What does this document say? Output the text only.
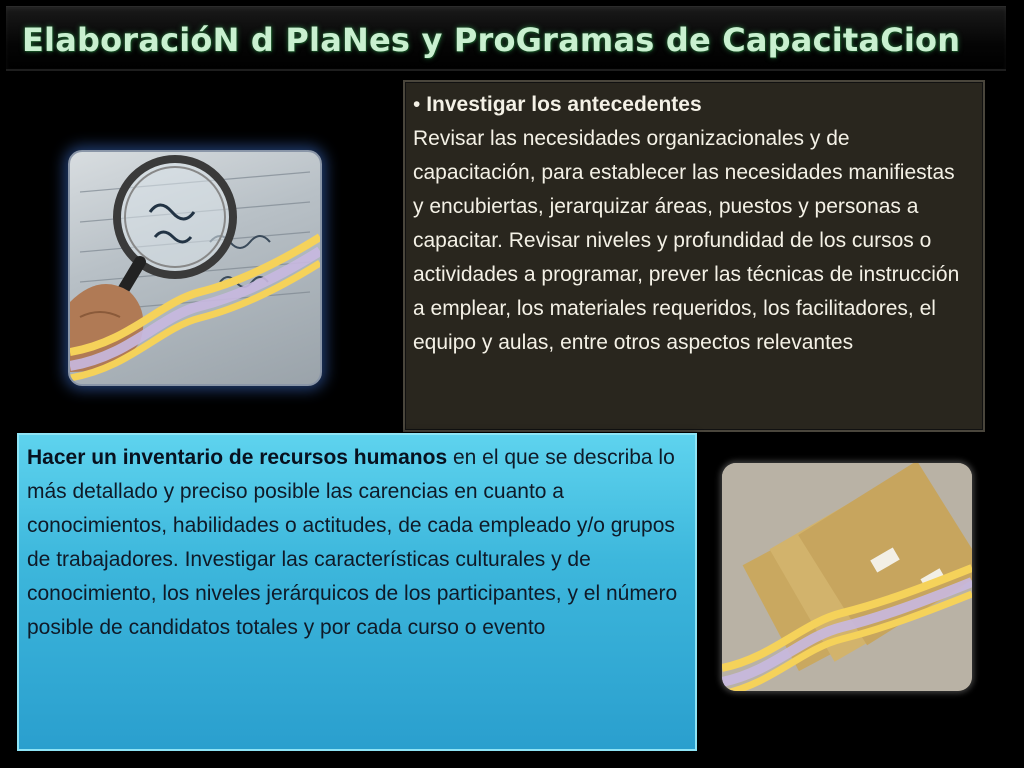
ElaboracióN d PlaNes y ProGramas de CapacitaCion

• Investigar los antecedentes

Revisar las necesidades organizacionales y de capacitación, para establecer las necesidades manifiestas y encubiertas, jerarquizar áreas, puestos y personas a capacitar. Revisar niveles y profundidad de los cursos o actividades a programar, prever las técnicas de instrucción a emplear, los materiales requeridos, los facilitadores, el equipo y aulas, entre otros aspectos relevantes

Hacer un inventario de recursos humanos en el que se describa lo más detallado y preciso posible las carencias en cuanto a conocimientos, habilidades o actitudes, de cada empleado y/o grupos de trabajadores. Investigar las características culturales y de conocimiento, los niveles jerárquicos de los participantes, y el número posible de candidatos totales y por cada curso o evento
